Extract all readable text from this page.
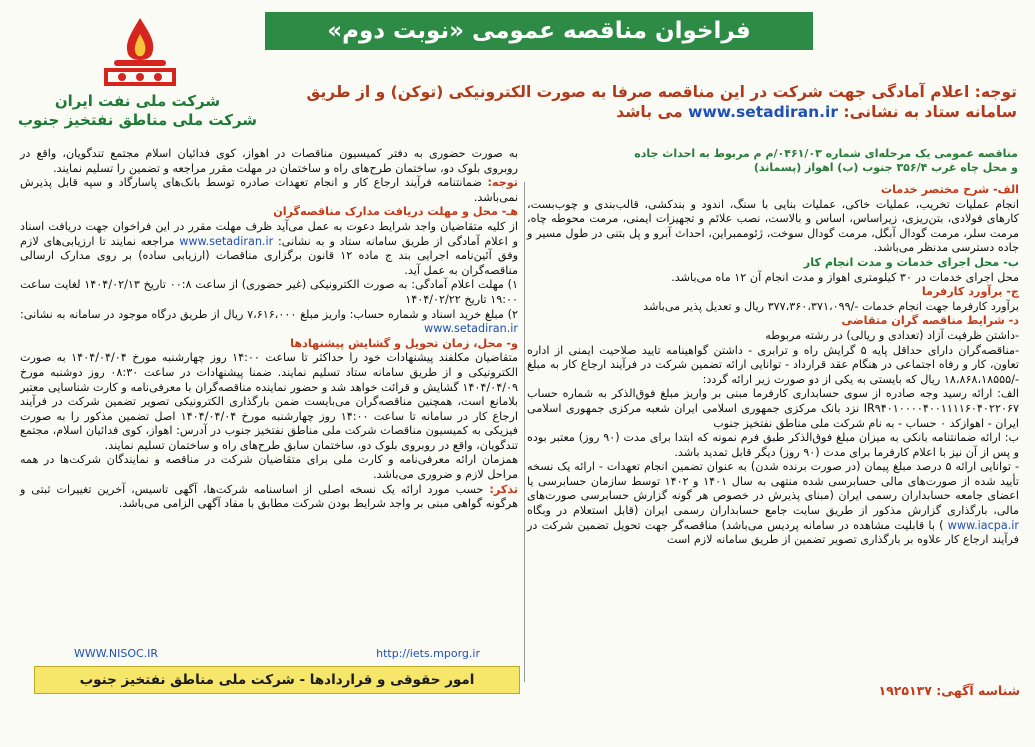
شرکت ملی نفت ایران
شرکت ملی مناطق نفتخیز جنوب
فراخوان مناقصه عمومی «نوبت دوم»
توجه: اعلام آمادگی جهت شرکت در این مناقصه صرفا به صورت الکترونیکی (توکن) و از طریق
سامانه ستاد به نشانی: www.setadiran.ir می باشد
مناقصه عمومی یک مرحله‌ای شماره ۰۴۶۱/۰۳/م م مربوط به احداث جاده
و محل چاه غرب ۳۵۶/۴ جنوب (ب) اهواز (پسماند)

الف- شرح مختصر خدمات

انجام عملیات تخریب، عملیات خاکی، عملیات بنایی با سنگ، اندود و بندکشی، قالب‌بندی و چوب‌بست، کارهای فولادی، بتن‌ریزی، زیراساس، اساس و بالاست، نصب علائم و تجهیزات ایمنی، مرمت محوطه چاه، مرمت سلر، مرمت گودال آبگل، مرمت گودال سوخت، ژئوممبراین، احداث آبرو و پل بتنی در طول مسیر و جاده دسترسی مدنظر می‌باشد.

ب- محل اجرای خدمات و مدت انجام کار

محل اجرای خدمات در ۳۰ کیلومتری اهواز و مدت انجام آن ۱۲ ماه می‌باشد.

ج- برآورد کارفرما

برآورد کارفرما جهت انجام خدمات -/۳۷۷،۳۶۰،۳۷۱،۰۹۹ ریال و تعدیل پذیر می‌باشد

د- شرایط مناقصه گران متقاضی

-داشتن ظرفیت آزاد (تعدادی و ریالی) در رشته مربوطه

-مناقصه‌گران دارای حداقل پایه ۵ گرایش راه و ترابری - داشتن گواهینامه تایید صلاحیت ایمنی از اداره تعاون، کار و رفاه اجتماعی در هنگام عقد قرارداد - توانایی ارائه تضمین شرکت در فرآیند ارجاع کار به مبلغ -/۱۸،۸۶۸،۱۸۵۵۵ ریال که بایستی به یکی از دو صورت زیر ارائه گردد:

الف: ارائه رسید وجه صادره از سوی حسابداری کارفرما مبنی بر واریز مبلغ فوق‌الذکر به شماره حساب IR۹۴۰۱۰۰۰۰۴۰۰۱۱۱۱۶۰۴۰۲۲۰۶۷ نزد بانک مرکزی جمهوری اسلامی ایران شعبه مرکزی جمهوری اسلامی ایران - اهوازکد ۰ حساب - به نام شرکت ملی مناطق نفتخیز جنوب

ب: ارائه ضمانتنامه بانکی به میزان مبلغ فوق‌الذکر طبق فرم نمونه که ابتدا برای مدت (۹۰ روز) معتبر بوده و پس از آن نیز با اعلام کارفرما برای مدت (۹۰ روز) دیگر قابل تمدید باشد.

- توانایی ارائه ۵ درصد مبلغ پیمان (در صورت برنده شدن) به عنوان تضمین انجام تعهدات - ارائه یک نسخه تأیید شده از صورت‌های مالی حسابرسی شده منتهی به سال ۱۴۰۱ و ۱۴۰۲ توسط سازمان حسابرسی یا اعضای جامعه حسابداران رسمی ایران (مبنای پذیرش در خصوص هر گونه گزارش حسابرسی صورت‌های مالی، بارگذاری گزارش مذکور از طریق سایت جامع حسابداران رسمی ایران (قابل استعلام در وبگاه www.iacpa.ir ) با قابلیت مشاهده در سامانه پردیس می‌باشد) مناقصه‌گر جهت تحویل تضمین شرکت در فرآیند ارجاع کار علاوه بر بارگذاری تصویر تضمین از طریق سامانه لازم است

به صورت حضوری به دفتر کمیسیون مناقصات در اهواز، کوی فدائیان اسلام مجتمع تندگویان، واقع در روبروی بلوک دو، ساختمان طرح‌های راه و ساختمان در مهلت مقرر مراجعه و تضمین را تسلیم نمایند.

توجه: ضمانتنامه فرآیند ارجاع کار و انجام تعهدات صادره توسط بانک‌های پاسارگاد و سپه قابل پذیرش نمی‌باشد.

هـ- محل و مهلت دریافت مدارک مناقصه‌گران

از کلیه متقاضیان واجد شرایط دعوت به عمل می‌آید ظرف مهلت مقرر در این فراخوان جهت دریافت اسناد و اعلام آمادگی از طریق سامانه ستاد و به نشانی: www.setadiran.ir مراجعه نمایند تا ارزیابی‌های لازم وفق آئین‌نامه اجرایی بند ج ماده ۱۲ قانون برگزاری مناقصات (ارزیابی ساده) بر روی مدارک ارسالی مناقصه‌گران به عمل آید.

۱) مهلت اعلام آمادگی: به صورت الکترونیکی (غیر حضوری) از ساعت ۰۰:۸ تاریخ ۱۴۰۴/۰۲/۱۳ لغایت ساعت ۱۹:۰۰ تاریخ ۱۴۰۴/۰۲/۲۲

۲) مبلغ خرید اسناد و شماره حساب: واریز مبلغ ۷،۶۱۶،۰۰۰ ریال از طریق درگاه موجود در سامانه به نشانی: www.setadiran.ir

و- محل، زمان تحویل و گشایش پیشنهادها

متقاضیان مکلفند پیشنهادات خود را حداکثر تا ساعت ۱۴:۰۰ روز چهارشنبه مورخ ۱۴۰۴/۰۴/۰۴ به صورت الکترونیکی و از طریق سامانه ستاد تسلیم نمایند. ضمنا پیشنهادات در ساعت ۰۸:۳۰ روز دوشنبه مورخ ۱۴۰۴/۰۴/۰۹ گشایش و قرائت خواهد شد و حضور نماینده مناقصه‌گران با معرفی‌نامه و کارت شناسایی معتبر بلامانع است، همچنین مناقصه‌گران می‌بایست ضمن بارگذاری الکترونیکی تصویر تضمین شرکت در فرآیند ارجاع کار در سامانه تا ساعت ۱۴:۰۰ روز چهارشنبه مورخ ۱۴۰۴/۰۴/۰۴ اصل تضمین مذکور را به صورت فیزیکی به کمیسیون مناقصات شرکت ملی مناطق نفتخیز جنوب در آدرس: اهواز، کوی فدائیان اسلام، مجتمع تندگویان، واقع در روبروی بلوک دو، ساختمان سابق طرح‌های راه و ساختمان تسلیم نمایند.

همزمان ارائه معرفی‌نامه و کارت ملی برای متقاضیان شرکت در مناقصه و نمایندگان شرکت‌ها در همه مراحل لازم و ضروری می‌باشد.

تذکر: حسب مورد ارائه یک نسخه اصلی از اساسنامه شرکت‌ها، آگهی تاسیس، آخرین تغییرات ثبتی و هرگونه گواهی مبنی بر واجد شرایط بودن شرکت مطابق با مفاد آگهی الزامی می‌باشد.

WWW.NISOC.IR	http://iets.mporg.ir
امور حقوقی و قراردادها - شرکت ملی مناطق نفتخیز جنوب
شناسه آگهی: ۱۹۲۵۱۳۷
